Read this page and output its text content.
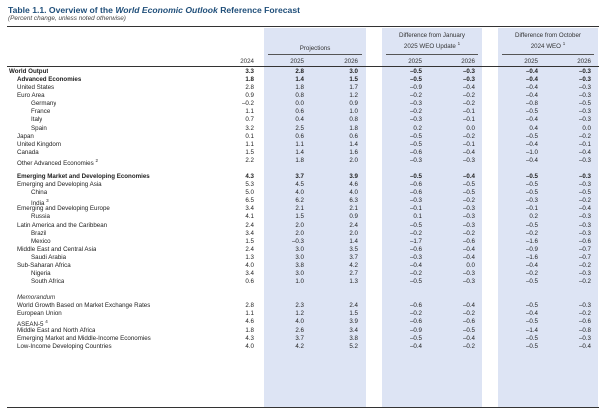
Table 1.1. Overview of the World Economic Outlook Reference Forecast
(Percent change, unless noted otherwise)
Projections
Difference from January
2025 WEO Update $^1$
Difference from October
2024 WEO $^1$
2024	2025	2026	2025	2026	2025	2026
World Output	3.3	2.8	3.0	–0.5	–0.3	–0.4	–0.3
Advanced Economies	1.8	1.4	1.5	–0.5	–0.3	–0.4	–0.3
United States	2.8	1.8	1.7	–0.9	–0.4	–0.4	–0.3
Euro Area	0.9	0.8	1.2	–0.2	–0.2	–0.4	–0.3
Germany	–0.2	0.0	0.9	–0.3	–0.2	–0.8	–0.5
France	1.1	0.6	1.0	–0.2	–0.1	–0.5	–0.3
Italy	0.7	0.4	0.8	–0.3	–0.1	–0.4	–0.3
Spain	3.2	2.5	1.8	0.2	0.0	0.4	0.0
Japan	0.1	0.6	0.6	–0.5	–0.2	–0.5	–0.2
United Kingdom	1.1	1.1	1.4	–0.5	–0.1	–0.4	–0.1
Canada	1.5	1.4	1.6	–0.6	–0.4	–1.0	–0.4
Other Advanced Economies $^2$	2.2	1.8	2.0	–0.3	–0.3	–0.4	–0.3
Emerging Market and Developing Economies	4.3	3.7	3.9	–0.5	–0.4	–0.5	–0.3
Emerging and Developing Asia	5.3	4.5	4.6	–0.6	–0.5	–0.5	–0.3
China	5.0	4.0	4.0	–0.6	–0.5	–0.5	–0.5
India $^3$	6.5	6.2	6.3	–0.3	–0.2	–0.3	–0.2
Emerging and Developing Europe	3.4	2.1	2.1	–0.1	–0.3	–0.1	–0.4
Russia	4.1	1.5	0.9	0.1	–0.3	0.2	–0.3
Latin America and the Caribbean	2.4	2.0	2.4	–0.5	–0.3	–0.5	–0.3
Brazil	3.4	2.0	2.0	–0.2	–0.2	–0.2	–0.3
Mexico	1.5	–0.3	1.4	–1.7	–0.6	–1.6	–0.6
Middle East and Central Asia	2.4	3.0	3.5	–0.6	–0.4	–0.9	–0.7
Saudi Arabia	1.3	3.0	3.7	–0.3	–0.4	–1.6	–0.7
Sub-Saharan Africa	4.0	3.8	4.2	–0.4	0.0	–0.4	–0.2
Nigeria	3.4	3.0	2.7	–0.2	–0.3	–0.2	–0.3
South Africa	0.6	1.0	1.3	–0.5	–0.3	–0.5	–0.2
Memorandum
World Growth Based on Market Exchange Rates	2.8	2.3	2.4	–0.6	–0.4	–0.5	–0.3
European Union	1.1	1.2	1.5	–0.2	–0.2	–0.4	–0.2
ASEAN-5 $^4$	4.6	4.0	3.9	–0.6	–0.6	–0.5	–0.6
Middle East and North Africa	1.8	2.6	3.4	–0.9	–0.5	–1.4	–0.8
Emerging Market and Middle-Income Economies	4.3	3.7	3.8	–0.5	–0.4	–0.5	–0.3
Low-Income Developing Countries	4.0	4.2	5.2	–0.4	–0.2	–0.5	–0.4
